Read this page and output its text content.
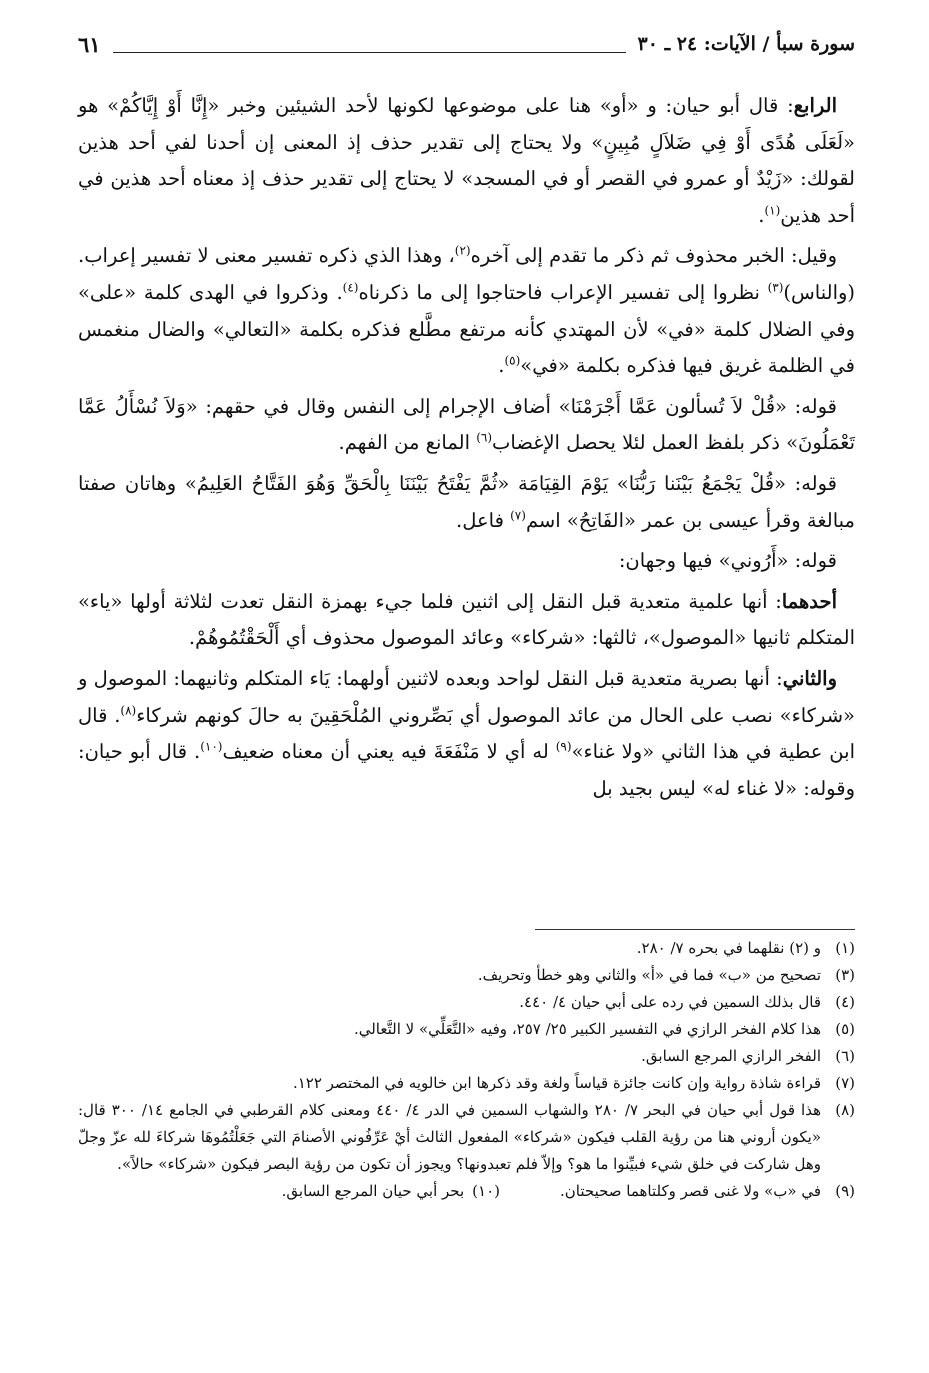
سورة سبأ / الآيات: ٢٤ ـ ٣٠
٦١

الرابع: قال أبو حيان: و «أو» هنا على موضوعها لكونها لأحد الشيئين وخبر «إِنَّا أَوْ إِيَّاكُمْ» هو «لَعَلَى هُدًى أَوْ فِي ضَلاَلٍ مُبِينٍ» ولا يحتاج إلى تقدير حذف إذ المعنى إن أحدنا لفي أحد هذين لقولك: «زَيْدٌ أو عمرو في القصر أو في المسجد» لا يحتاج إلى تقدير حذف إذ معناه أحد هذين في أحد هذين$^{(١)}$.

وقيل: الخبر محذوف ثم ذكر ما تقدم إلى آخره$^{(٢)}$، وهذا الذي ذكره تفسير معنى لا تفسير إعراب. (والناس)$^{(٣)}$ نظروا إلى تفسير الإعراب فاحتاجوا إلى ما ذكرناه$^{(٤)}$. وذكروا في الهدى كلمة «على» وفي الضلال كلمة «في» لأن المهتدي كأنه مرتفع مطَّلع فذكره بكلمة «التعالي» والضال منغمس في الظلمة غريق فيها فذكره بكلمة «في»$^{(٥)}$.

قوله: «قُلْ لاَ تُسألون عَمَّا أَجْرَمْنَا» أضاف الإجرام إلى النفس وقال في حقهم: «وَلاَ نُسْأَلُ عَمَّا تَعْمَلُونَ» ذكر بلفظ العمل لئلا يحصل الإغضاب$^{(٦)}$ المانع من الفهم.

قوله: «قُلْ يَجْمَعُ بَيْنَنا رَبُّنَا» يَوْمَ القِيَامَة «ثُمَّ يَفْتَحُ بَيْنَنَا بِالْحَقِّ وَهُوَ الفَتَّاحُ العَلِيمُ» وهاتان صفتا مبالغة وقرأ عيسى بن عمر «الفَاتِحُ» اسم$^{(٧)}$ فاعل.

قوله: «أَرُوني» فيها وجهان:

أحدهما: أنها علمية متعدية قبل النقل إلى اثنين فلما جيء بهمزة النقل تعدت لثلاثة أولها «ياء» المتكلم ثانيها «الموصول»، ثالثها: «شركاء» وعائد الموصول محذوف أي أَلْحَقْتُمُوهُمْ.

والثاني: أنها بصرية متعدية قبل النقل لواحد وبعده لاثنين أولهما: يَاء المتكلم وثانيهما: الموصول و «شركاء» نصب على الحال من عائد الموصول أي بَصِّروني المُلْحَقِينَ به حالَ كونهم شركاء$^{(٨)}$. قال ابن عطية في هذا الثاني «ولا غناء»$^{(٩)}$ له أي لا مَنْفَعَةَ فيه يعني أن معناه ضعيف$^{(١٠)}$. قال أبو حيان: وقوله: «لا غناء له» ليس بجيد بل

(١)
و (٢) نقلهما في بحره ٧/ ٢٨٠.
(٣)
تصحيح من «ب» فما في «أ» والثاني وهو خطأ وتحريف.
(٤)
قال بذلك السمين في رده على أبي حيان ٤/ ٤٤٠.
(٥)
هذا كلام الفخر الرازي في التفسير الكبير ٢٥/ ٢٥٧، وفيه «التَّعَلِّي» لا التَّعالي.
(٦)
الفخر الرازي المرجع السابق.
(٧)
قراءة شاذة رواية وإن كانت جائزة قياساً ولغة وقد ذكرها ابن خالويه في المختصر ١٢٢.
(٨)
هذا قول أبي حيان في البحر ٧/ ٢٨٠ والشهاب السمين في الدر ٤/ ٤٤٠ ومعنى كلام القرطبي في الجامع ١٤/ ٣٠٠ قال: «يكون أروني هنا من رؤية القلب فيكون «شركاء» المفعول الثالث أيْ عَرِّفُوني الأصنامَ التي جَعَلْتُمُوهَا شركاءَ لله عزّ وجلّ وهل شاركت في خلق شيء فبيِّنوا ما هو؟ وإلاّ فلم تعبدونها؟ ويجوز أن تكون من رؤية البصر فيكون «شركاء» حالاً».
(٩)
في «ب» ولا غنى قصر وكلتاهما صحيحتان.
(١٠)
بحر أبي حيان المرجع السابق.
